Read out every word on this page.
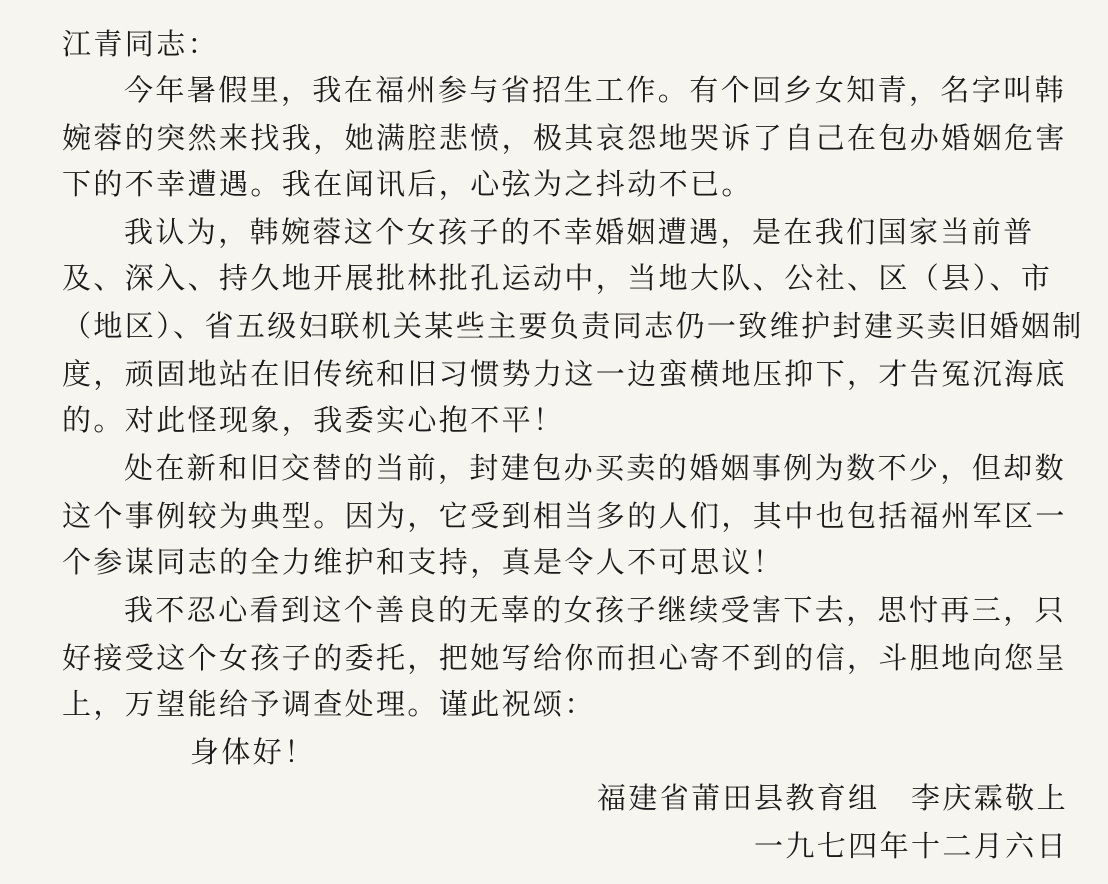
江青同志：

今年暑假里，我在福州参与省招生工作。有个回乡女知青，名字叫韩

婉蓉的突然来找我，她满腔悲愤，极其哀怨地哭诉了自己在包办婚姻危害

下的不幸遭遇。我在闻讯后，心弦为之抖动不已。

我认为，韩婉蓉这个女孩子的不幸婚姻遭遇，是在我们国家当前普

及、深入、持久地开展批林批孔运动中，当地大队、公社、区（县）、市

（地区）、省五级妇联机关某些主要负责同志仍一致维护封建买卖旧婚姻制

度，顽固地站在旧传统和旧习惯势力这一边蛮横地压抑下，才告冤沉海底

的。对此怪现象，我委实心抱不平！

处在新和旧交替的当前，封建包办买卖的婚姻事例为数不少，但却数

这个事例较为典型。因为，它受到相当多的人们，其中也包括福州军区一

个参谋同志的全力维护和支持，真是令人不可思议！

我不忍心看到这个善良的无辜的女孩子继续受害下去，思忖再三，只

好接受这个女孩子的委托，把她写给你而担心寄不到的信，斗胆地向您呈

上，万望能给予调查处理。谨此祝颂：

身体好！

福建省莆田县教育组　李庆霖敬上

一九七四年十二月六日
